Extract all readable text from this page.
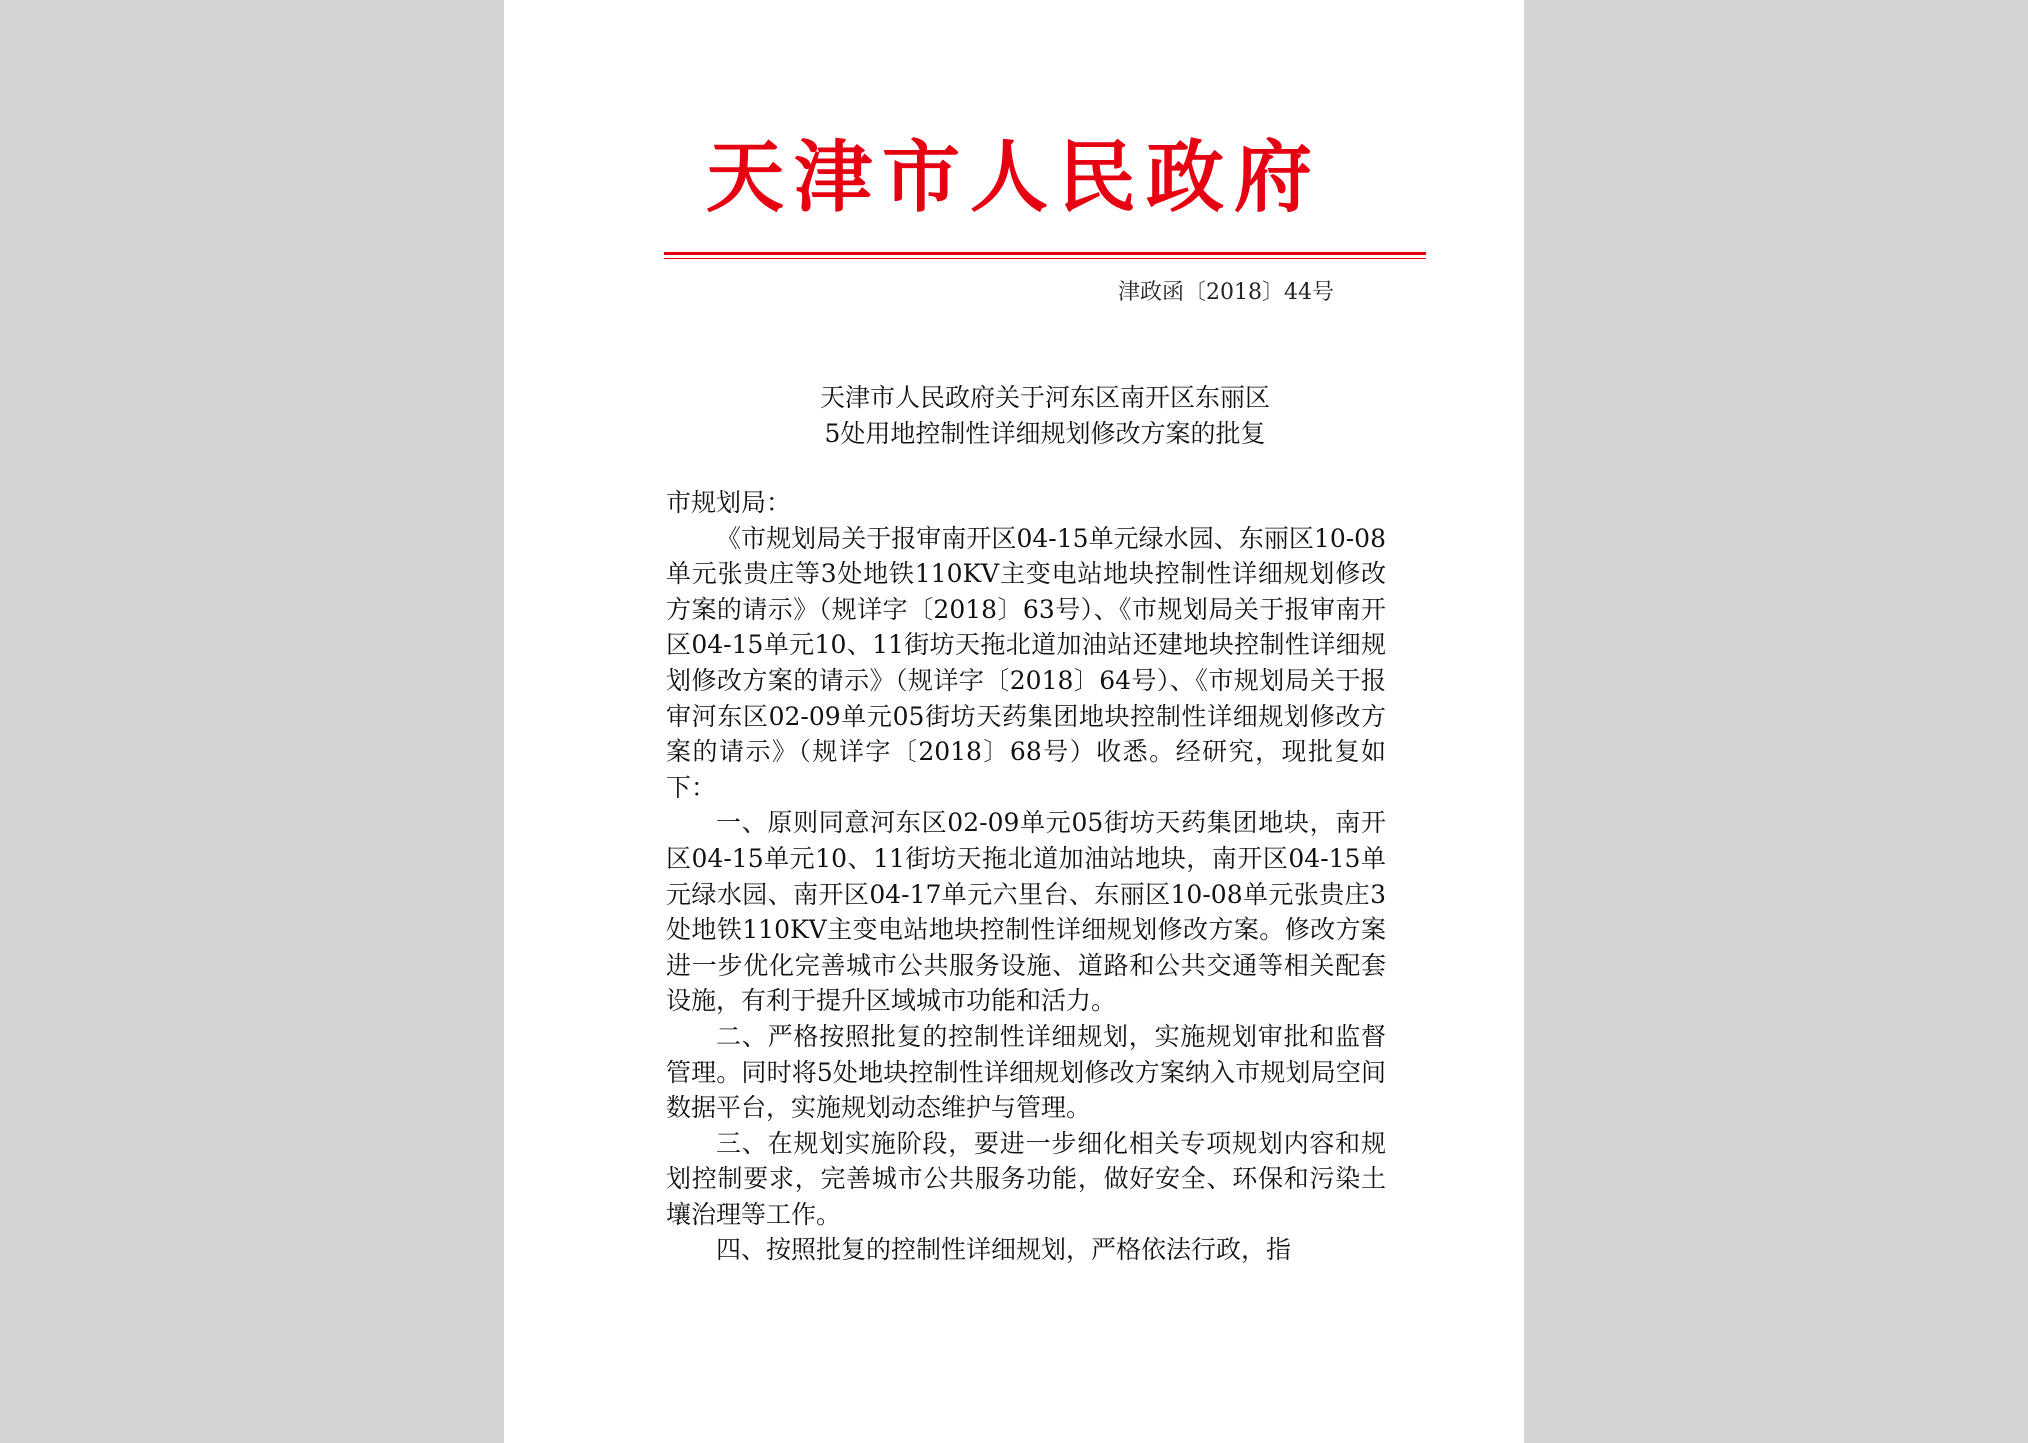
天津市人民政府
津政函〔2018〕44号
天津市人民政府关于河东区南开区东丽区
5处用地控制性详细规划修改方案的批复

市规划局：

《市规划局关于报审南开区04-15单元绿水园、东丽区10-08单元张贵庄等3处地铁110KV主变电站地块控制性详细规划修改方案的请示》（规详字〔2018〕63号）、《市规划局关于报审南开区04-15单元10、11街坊天拖北道加油站还建地块控制性详细规划修改方案的请示》（规详字〔2018〕64号）、《市规划局关于报审河东区02-09单元05街坊天药集团地块控制性详细规划修改方案的请示》（规详字〔2018〕68号）收悉。经研究，现批复如下：

一、原则同意河东区02-09单元05街坊天药集团地块，南开区04-15单元10、11街坊天拖北道加油站地块，南开区04-15单元绿水园、南开区04-17单元六里台、东丽区10-08单元张贵庄3处地铁110KV主变电站地块控制性详细规划修改方案。修改方案进一步优化完善城市公共服务设施、道路和公共交通等相关配套设施，有利于提升区域城市功能和活力。

二、严格按照批复的控制性详细规划，实施规划审批和监督管理。同时将5处地块控制性详细规划修改方案纳入市规划局空间数据平台，实施规划动态维护与管理。

三、在规划实施阶段，要进一步细化相关专项规划内容和规划控制要求，完善城市公共服务功能，做好安全、环保和污染土壤治理等工作。

四、按照批复的控制性详细规划，严格依法行政，指
